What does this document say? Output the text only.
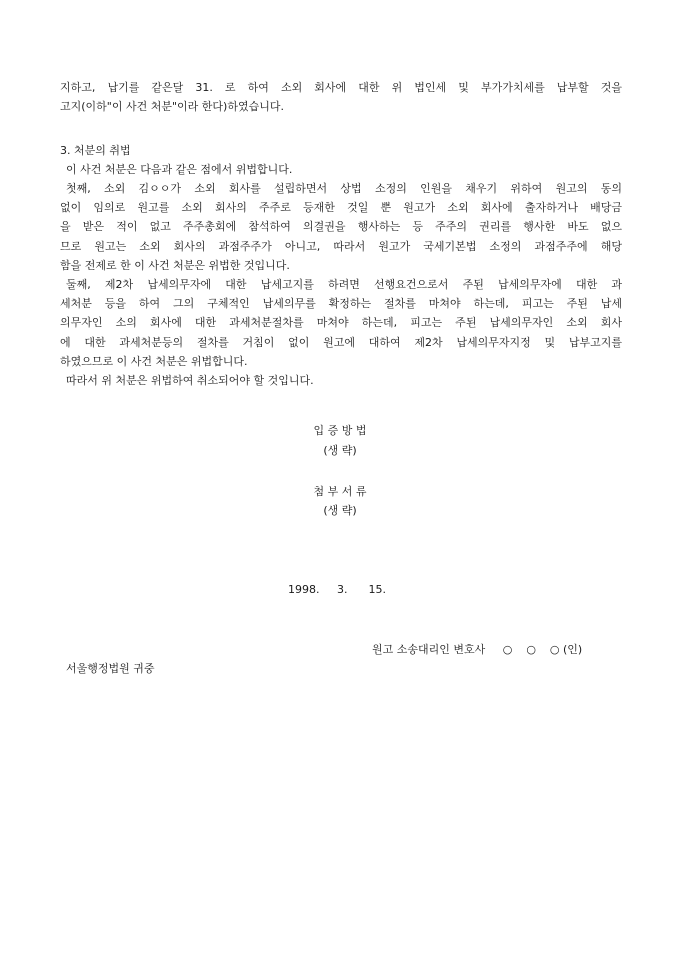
지하고, 납기를 같은달 31. 로 하여 소외 회사에 대한 위 법인세 및 부가가치세를 납부할 것을

고지(이하"이 사건 처분"이라 한다)하였습니다.

3. 처분의 취법

이 사건 처분은 다음과 같은 점에서 위법합니다.

첫째, 소외 김ㅇㅇ가 소외 회사를 설립하면서 상법 소정의 인원을 채우기 위하여 원고의 동의

없이 임의로 원고를 소외 회사의 주주로 등재한 것일 뿐 원고가 소외 회사에 출자하거나 배당금

을 받은 적이 없고 주주총회에 참석하여 의결권을 행사하는 등 주주의 권리를 행사한 바도 없으

므로 원고는 소외 회사의 과점주주가 아니고, 따라서 원고가 국세기본법 소정의 과점주주에 해당

함을 전제로 한 이 사건 처분은 위법한 것입니다.

둘째, 제2차 납세의무자에 대한 납세고지를 하려면 선행요건으로서 주된 납세의무자에 대한 과

세처분 등을 하여 그의 구체적인 납세의무를 확정하는 절차를 마쳐야 하는데, 피고는 주된 납세

의무자인 소의 회사에 대한 과세처분절차를 마쳐야 하는데, 피고는 주된 납세의무자인 소외 회사

에 대한 과세처분등의 절차를 거침이 없이 원고에 대하여 제2차 납세의무자지정 및 납부고지를

하였으므로 이 사건 처분은 위법합니다.

따라서 위 처분은 위법하여 취소되어야 할 것입니다.

입 증 방 법
(생 략)
첨 부 서 류
(생 략)
1998.     3.      15.
원고 소송대리인 변호사     ○    ○    ○ (인)
서울행정법원 귀중
